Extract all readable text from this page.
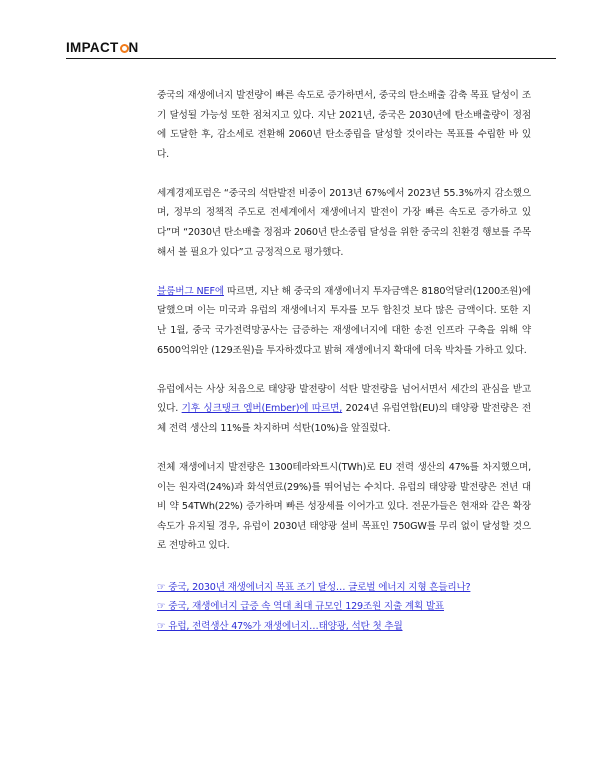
IMPACT N

중국의 재생에너지 발전량이 빠른 속도로 증가하면서, 중국의 탄소배출 감축 목표 달성이 조기 달성될 가능성 또한 점쳐지고 있다. 지난 2021년, 중국은 2030년에 탄소배출량이 정점에 도달한 후, 감소세로 전환해 2060년 탄소중립을 달성할 것이라는 목표를 수립한 바 있다.

세계경제포럼은 “중국의 석탄발전 비중이 2013년 67%에서 2023년 55.3%까지 감소했으며, 정부의 정책적 주도로 전세계에서 재생에너지 발전이 가장 빠른 속도로 증가하고 있다”며 “2030년 탄소배출 정점과 2060년 탄소중립 달성을 위한 중국의 친환경 행보를 주목해서 볼 필요가 있다”고 긍정적으로 평가했다.

블룸버그 NEF에 따르면, 지난 해 중국의 재생에너지 투자금액은 8180억달러(1200조원)에 달했으며 이는 미국과 유럽의 재생에너지 투자를 모두 합친것 보다 많은 금액이다. 또한 지난 1월, 중국 국가전력망공사는 급증하는 재생에너지에 대한 송전 인프라 구축을 위해 약 6500억위안 (129조원)을 투자하겠다고 밝혀 재생에너지 확대에 더욱 박차를 가하고 있다.

유럽에서는 사상 처음으로 태양광 발전량이 석탄 발전량을 넘어서면서 세간의 관심을 받고 있다. 기후 싱크탱크 엠버(Ember)에 따르면, 2024년 유럽연합(EU)의 태양광 발전량은 전체 전력 생산의 11%를 차지하며 석탄(10%)을 앞질렀다.

전체 재생에너지 발전량은 1300테라와트시(TWh)로 EU 전력 생산의 47%를 차지했으며, 이는 원자력(24%)과 화석연료(29%)를 뛰어넘는 수치다. 유럽의 태양광 발전량은 전년 대비 약 54TWh(22%) 증가하며 빠른 성장세를 이어가고 있다. 전문가들은 현재와 같은 확장 속도가 유지될 경우, 유럽이 2030년 태양광 설비 목표인 750GW를 무리 없이 달성할 것으로 전망하고 있다.

☞ 중국, 2030년 재생에너지 목표 조기 달성… 글로벌 에너지 지형 흔들리나?
☞ 중국, 재생에너지 급증 속 역대 최대 규모인 129조원 지출 계획 발표
☞ 유럽, 전력생산 47%가 재생에너지…태양광, 석탄 첫 추월
